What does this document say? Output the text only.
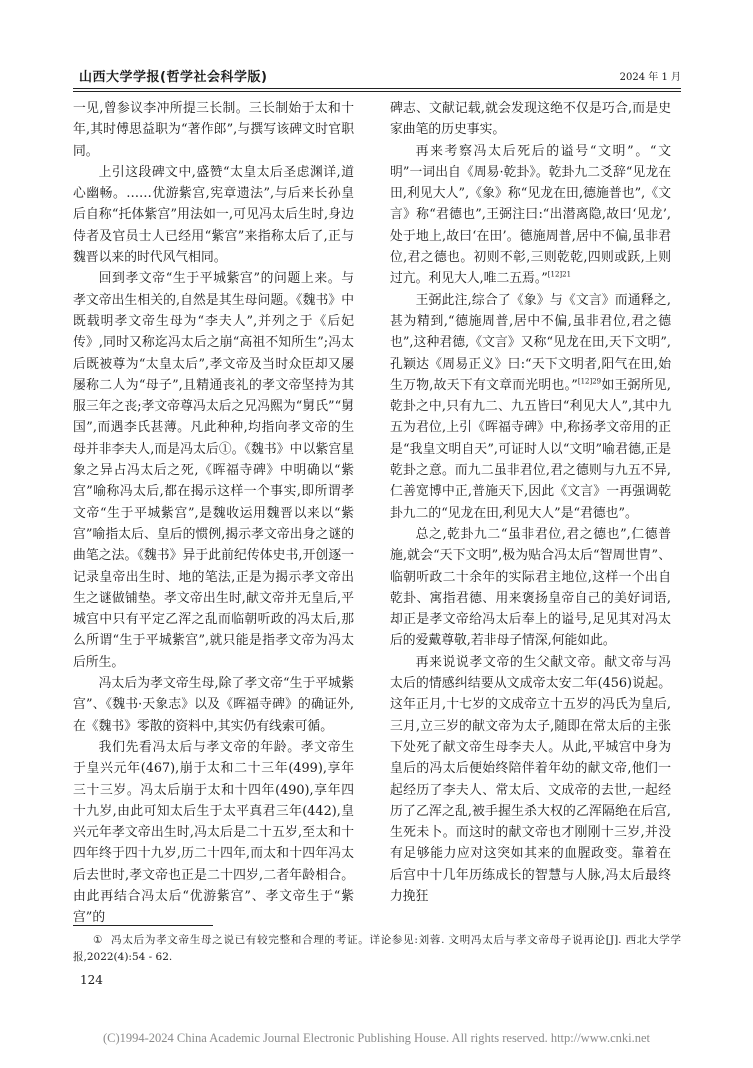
山西大学学报(哲学社会科学版)	2024 年 1 月

一见,曾参议李冲所提三长制。三长制始于太和十年,其时傅思益职为“著作郎”,与撰写该碑文时官职同。

上引这段碑文中,盛赞“太皇太后圣虑渊详,道心幽畅。……优游紫宫,宪章遗法”,与后来长孙皇后自称“托体紫宫”用法如一,可见冯太后生时,身边侍者及官员士人已经用“紫宫”来指称太后了,正与魏晋以来的时代风气相同。

回到孝文帝“生于平城紫宫”的问题上来。与孝文帝出生相关的,自然是其生母问题。《魏书》中既载明孝文帝生母为“李夫人”,并列之于《后妃传》,同时又称迄冯太后之崩“高祖不知所生”;冯太后既被尊为“太皇太后”,孝文帝及当时众臣却又屡屡称二人为“母子”,且精通丧礼的孝文帝坚持为其服三年之丧;孝文帝尊冯太后之兄冯熙为“舅氏”“舅国”,而遇李氏甚薄。凡此种种,均指向孝文帝的生母并非李夫人,而是冯太后①。《魏书》中以紫宫星象之异占冯太后之死,《晖福寺碑》中明确以“紫宫”喻称冯太后,都在揭示这样一个事实,即所谓孝文帝“生于平城紫宫”,是魏收运用魏晋以来以“紫宫”喻指太后、皇后的惯例,揭示孝文帝出身之谜的曲笔之法。《魏书》异于此前纪传体史书,开创逐一记录皇帝出生时、地的笔法,正是为揭示孝文帝出生之谜做铺垫。孝文帝出生时,献文帝并无皇后,平城宫中只有平定乙浑之乱而临朝听政的冯太后,那么所谓“生于平城紫宫”,就只能是指孝文帝为冯太后所生。

冯太后为孝文帝生母,除了孝文帝“生于平城紫宫”、《魏书·天象志》以及《晖福寺碑》的确证外,在《魏书》零散的资料中,其实仍有线索可循。

我们先看冯太后与孝文帝的年龄。孝文帝生于皇兴元年(467),崩于太和二十三年(499),享年三十三岁。冯太后崩于太和十四年(490),享年四十九岁,由此可知太后生于太平真君三年(442),皇兴元年孝文帝出生时,冯太后是二十五岁,至太和十四年终于四十九岁,历二十四年,而太和十四年冯太后去世时,孝文帝也正是二十四岁,二者年龄相合。由此再结合冯太后“优游紫宫”、孝文帝生于“紫宫”的

碑志、文献记载,就会发现这绝不仅是巧合,而是史家曲笔的历史事实。

再来考察冯太后死后的谥号“文明”。“文明”一词出自《周易·乾卦》。乾卦九二爻辞“见龙在田,利见大人”,《象》称“见龙在田,德施普也”,《文言》称“君德也”,王弼注曰:“出潜离隐,故曰‘见龙’,处于地上,故曰‘在田’。德施周普,居中不偏,虽非君位,君之德也。初则不彰,三则乾乾,四则或跃,上则过亢。利见大人,唯二五焉。”$^{[12]21}$

王弼此注,综合了《象》与《文言》而通释之,甚为精到,“德施周普,居中不偏,虽非君位,君之德也”,这种君德,《文言》又称“见龙在田,天下文明”,孔颖达《周易正义》曰:“天下文明者,阳气在田,始生万物,故天下有文章而光明也。”$^{[12]29}$如王弼所见,乾卦之中,只有九二、九五皆曰“利见大人”,其中九五为君位,上引《晖福寺碑》中,称扬孝文帝用的正是“我皇文明自天”,可证时人以“文明”喻君德,正是乾卦之意。而九二虽非君位,君之德则与九五不异,仁善宽博中正,普施天下,因此《文言》一再强调乾卦九二的“见龙在田,利见大人”是“君德也”。

总之,乾卦九二“虽非君位,君之德也”,仁德普施,就会“天下文明”,极为贴合冯太后“智周世胄”、临朝听政二十余年的实际君主地位,这样一个出自乾卦、寓指君德、用来褒扬皇帝自己的美好词语,却正是孝文帝给冯太后奉上的谥号,足见其对冯太后的爱戴尊敬,若非母子情深,何能如此。

再来说说孝文帝的生父献文帝。献文帝与冯太后的情感纠结要从文成帝太安二年(456)说起。这年正月,十七岁的文成帝立十五岁的冯氏为皇后,三月,立三岁的献文帝为太子,随即在常太后的主张下处死了献文帝生母李夫人。从此,平城宫中身为皇后的冯太后便始终陪伴着年幼的献文帝,他们一起经历了李夫人、常太后、文成帝的去世,一起经历了乙浑之乱,被手握生杀大权的乙浑隔绝在后宫,生死未卜。而这时的献文帝也才刚刚十三岁,并没有足够能力应对这突如其来的血腥政变。靠着在后宫中十几年历练成长的智慧与人脉,冯太后最终力挽狂

① 冯太后为孝文帝生母之说已有较完整和合理的考证。详论参见:刘蓉. 文明冯太后与孝文帝母子说再论[J]. 西北大学学报,2022(4):54 - 62.
124
(C)1994-2024 China Academic Journal Electronic Publishing House. All rights reserved. http://www.cnki.net
